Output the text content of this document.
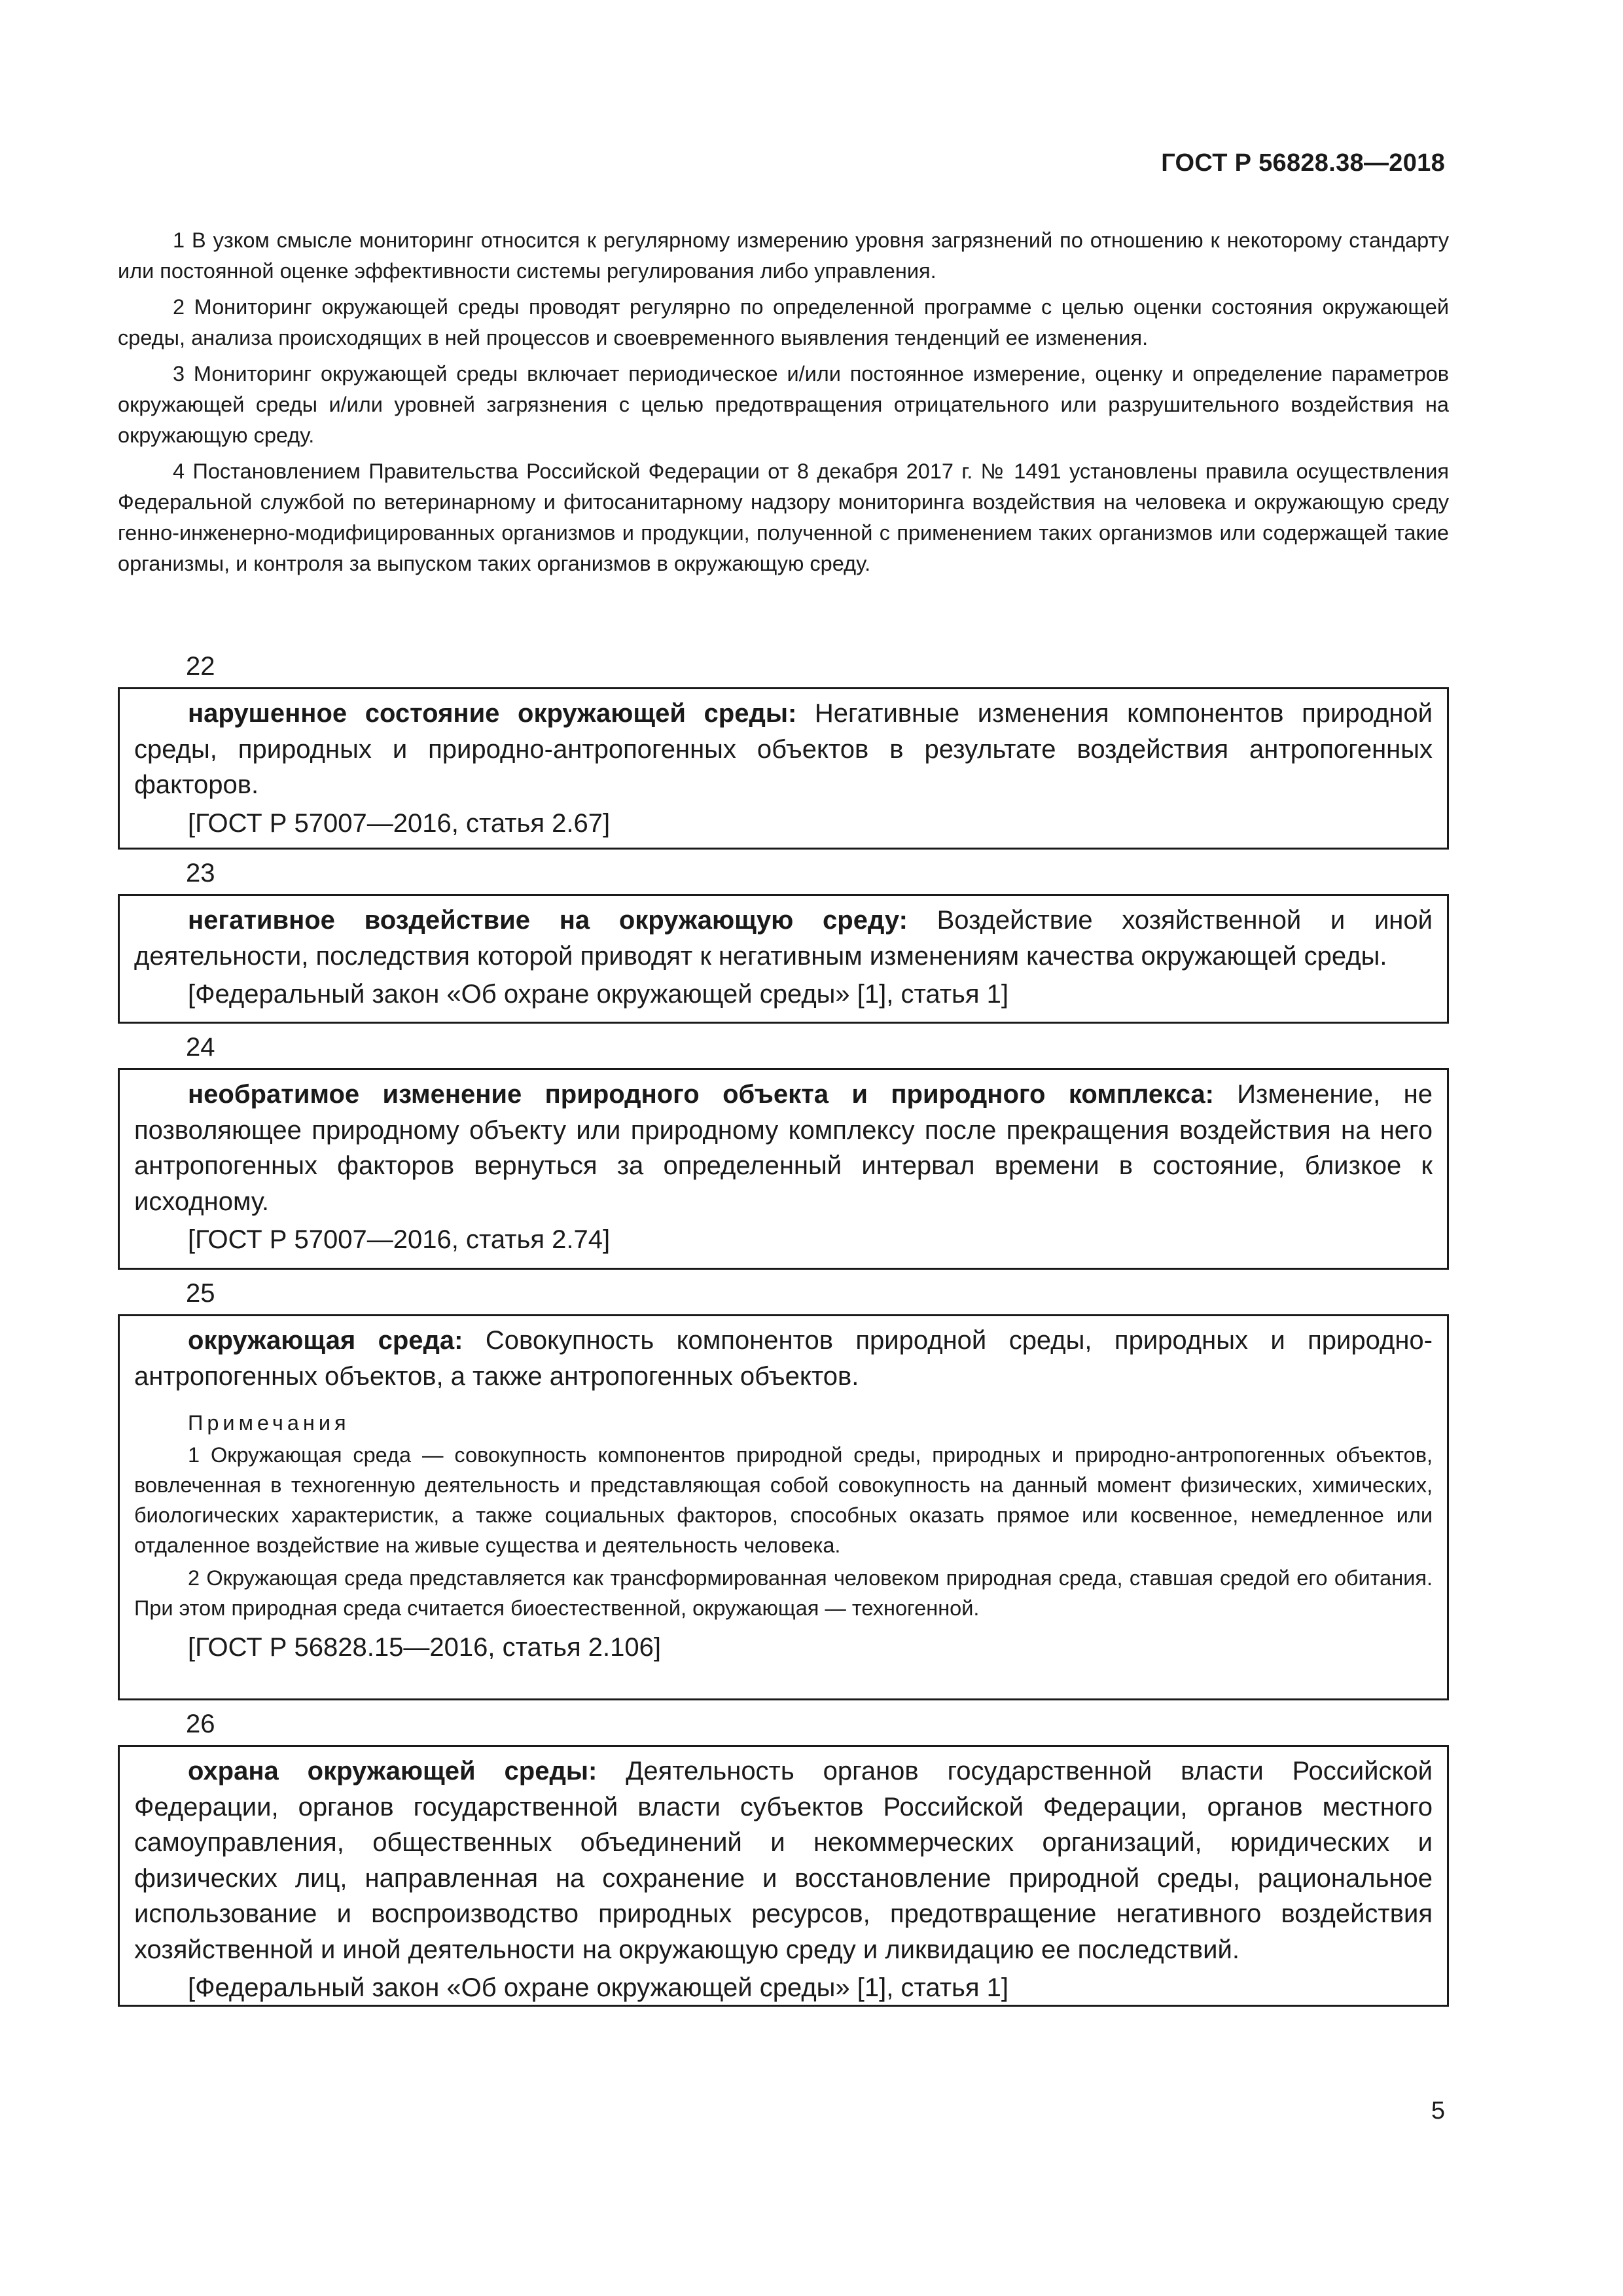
ГОСТ Р 56828.38—2018

1 В узком смысле мониторинг относится к регулярному измерению уровня загрязнений по отношению к некоторому стандарту или постоянной оценке эффективности системы регулирования либо управления.

2 Мониторинг окружающей среды проводят регулярно по определенной программе с целью оценки состояния окружающей среды, анализа происходящих в ней процессов и своевременного выявления тенденций ее изменения.

3 Мониторинг окружающей среды включает периодическое и/или постоянное измерение, оценку и определение параметров окружающей среды и/или уровней загрязнения с целью предотвращения отрицательного или разрушительного воздействия на окружающую среду.

4 Постановлением Правительства Российской Федерации от 8 декабря 2017 г. № 1491 установлены правила осуществления Федеральной службой по ветеринарному и фитосанитарному надзору мониторинга воздействия на человека и окружающую среду генно-инженерно-модифицированных организмов и продукции, полученной с применением таких организмов или содержащей такие организмы, и контроля за выпуском таких организмов в окружающую среду.

22

нарушенное состояние окружающей среды: Негативные изменения компонентов природной среды, природных и природно-антропогенных объектов в результате воздействия антропогенных факторов.

[ГОСТ Р 57007—2016, статья 2.67]

23

негативное воздействие на окружающую среду: Воздействие хозяйственной и иной деятельности, последствия которой приводят к негативным изменениям качества окружающей среды.

[Федеральный закон «Об охране окружающей среды» [1], статья 1]

24

необратимое изменение природного объекта и природного комплекса: Изменение, не позволяющее природному объекту или природному комплексу после прекращения воздействия на него антропогенных факторов вернуться за определенный интервал времени в состояние, близкое к исходному.

[ГОСТ Р 57007—2016, статья 2.74]

25

окружающая среда: Совокупность компонентов природной среды, природных и природно-антропогенных объектов, а также антропогенных объектов.

Примечания

1 Окружающая среда — совокупность компонентов природной среды, природных и природно-антропогенных объектов, вовлеченная в техногенную деятельность и представляющая собой совокупность на данный момент физических, химических, биологических характеристик, а также социальных факторов, способных оказать прямое или косвенное, немедленное или отдаленное воздействие на живые существа и деятельность человека.

2 Окружающая среда представляется как трансформированная человеком природная среда, ставшая средой его обитания. При этом природная среда считается биоестественной, окружающая — техногенной.

[ГОСТ Р 56828.15—2016, статья 2.106]

26

охрана окружающей среды: Деятельность органов государственной власти Российской Федерации, органов государственной власти субъектов Российской Федерации, органов местного самоуправления, общественных объединений и некоммерческих организаций, юридических и физических лиц, направленная на сохранение и восстановление природной среды, рациональное использование и воспроизводство природных ресурсов, предотвращение негативного воздействия хозяйственной и иной деятельности на окружающую среду и ликвидацию ее последствий.

[Федеральный закон «Об охране окружающей среды» [1], статья 1]

5
